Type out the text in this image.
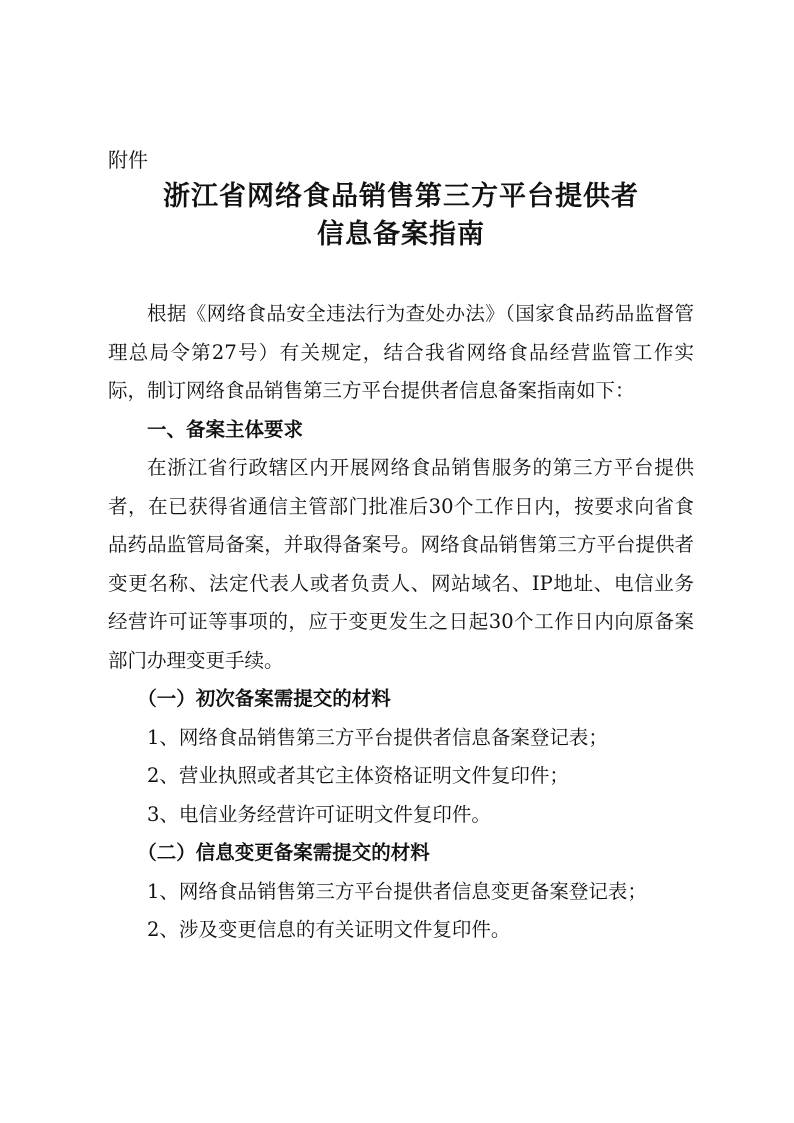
附件

浙江省网络食品销售第三方平台提供者
信息备案指南

根据《网络食品安全违法行为查处办法》（国家食品药品监督管理总局令第27号）有关规定，结合我省网络食品经营监管工作实际，制订网络食品销售第三方平台提供者信息备案指南如下：

一、备案主体要求

在浙江省行政辖区内开展网络食品销售服务的第三方平台提供者，在已获得省通信主管部门批准后30个工作日内，按要求向省食品药品监管局备案，并取得备案号。网络食品销售第三方平台提供者变更名称、法定代表人或者负责人、网站域名、IP地址、电信业务经营许可证等事项的，应于变更发生之日起30个工作日内向原备案部门办理变更手续。

（一）初次备案需提交的材料

1、网络食品销售第三方平台提供者信息备案登记表；

2、营业执照或者其它主体资格证明文件复印件；

3、电信业务经营许可证明文件复印件。

（二）信息变更备案需提交的材料

1、网络食品销售第三方平台提供者信息变更备案登记表；

2、涉及变更信息的有关证明文件复印件。
